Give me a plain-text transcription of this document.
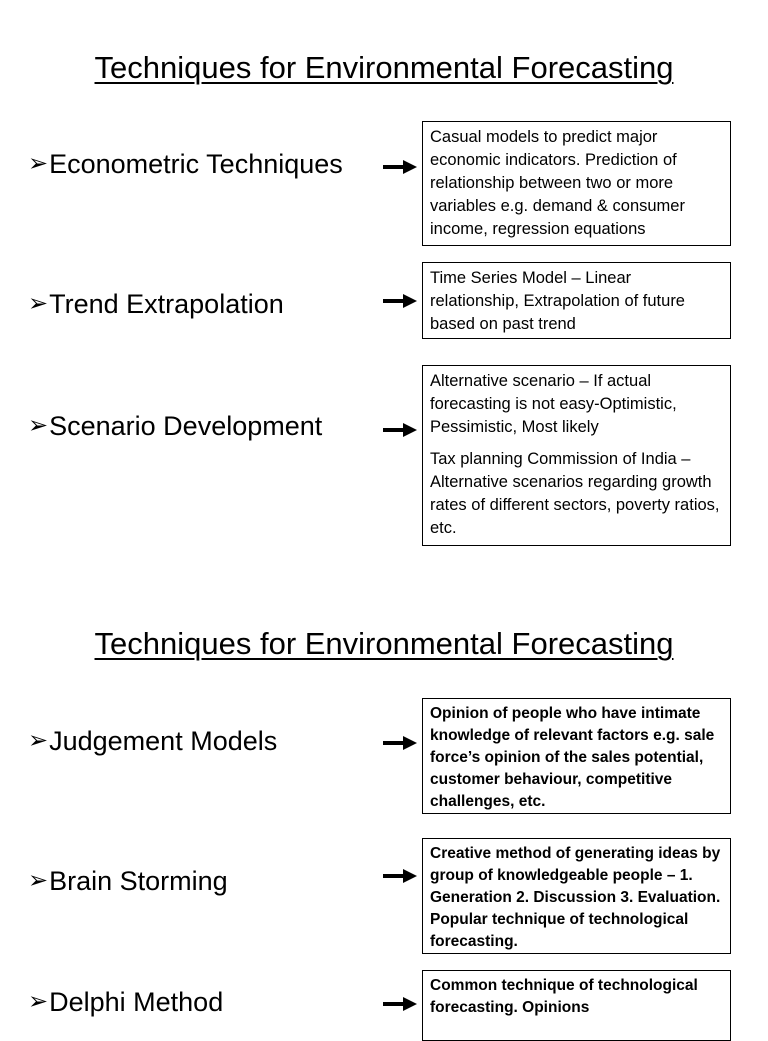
Techniques for Environmental Forecasting
➢Econometric Techniques

Casual models to predict major economic indicators. Prediction of relationship between two or more variables e.g. demand & consumer income, regression equations

➢Trend Extrapolation

Time Series Model – Linear relationship, Extrapolation of future based on past trend

➢Scenario Development

Alternative scenario – If actual forecasting is not easy-Optimistic, Pessimistic, Most likely

Tax planning Commission of India – Alternative scenarios regarding growth rates of different sectors, poverty ratios, etc.

Techniques for Environmental Forecasting
➢Judgement Models

Opinion of people who have intimate knowledge of relevant factors e.g. sale force’s opinion of the sales potential, customer behaviour, competitive challenges, etc.

➢Brain Storming

Creative method of generating ideas by group of knowledgeable people – 1. Generation 2. Discussion 3. Evaluation. Popular technique of technological forecasting.

➢Delphi Method

Common technique of technological forecasting. Opinions
